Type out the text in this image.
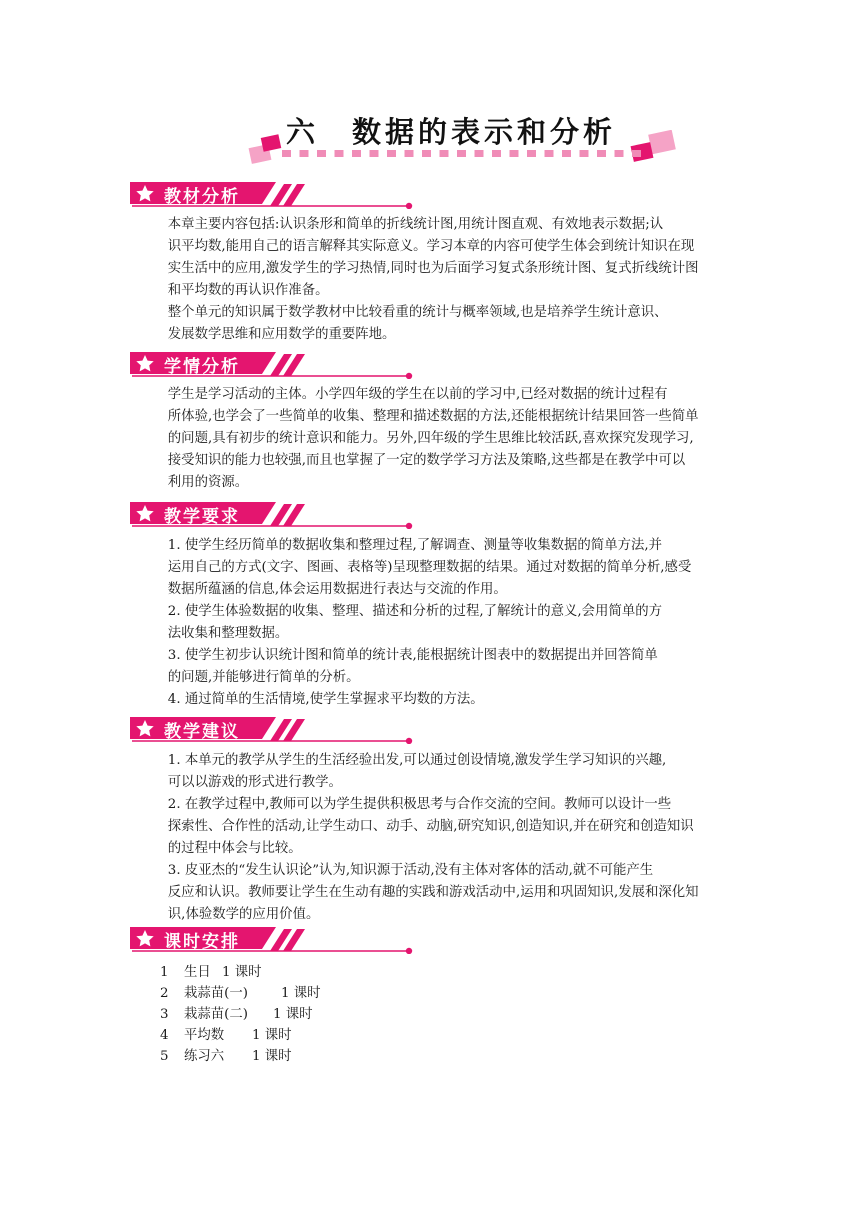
六　数据的表示和分析
教材分析

本章主要内容包括:认识条形和简单的折线统计图,用统计图直观、有效地表示数据;认
识平均数,能用自己的语言解释其实际意义。学习本章的内容可使学生体会到统计知识在现
实生活中的应用,激发学生的学习热情,同时也为后面学习复式条形统计图、复式折线统计图
和平均数的再认识作准备。

整个单元的知识属于数学教材中比较看重的统计与概率领域,也是培养学生统计意识、
发展数学思维和应用数学的重要阵地。

学情分析

学生是学习活动的主体。小学四年级的学生在以前的学习中,已经对数据的统计过程有
所体验,也学会了一些简单的收集、整理和描述数据的方法,还能根据统计结果回答一些简单
的问题,具有初步的统计意识和能力。另外,四年级的学生思维比较活跃,喜欢探究发现学习,
接受知识的能力也较强,而且也掌握了一定的数学学习方法及策略,这些都是在教学中可以
利用的资源。

教学要求

1. 使学生经历简单的数据收集和整理过程,了解调查、测量等收集数据的简单方法,并
运用自己的方式(文字、图画、表格等)呈现整理数据的结果。通过对数据的简单分析,感受
数据所蕴涵的信息,体会运用数据进行表达与交流的作用。

2. 使学生体验数据的收集、整理、描述和分析的过程,了解统计的意义,会用简单的方
法收集和整理数据。

3. 使学生初步认识统计图和简单的统计表,能根据统计图表中的数据提出并回答简单
的问题,并能够进行简单的分析。

4. 通过简单的生活情境,使学生掌握求平均数的方法。

教学建议

1. 本单元的教学从学生的生活经验出发,可以通过创设情境,激发学生学习知识的兴趣,
可以以游戏的形式进行教学。

2. 在教学过程中,教师可以为学生提供积极思考与合作交流的空间。教师可以设计一些
探索性、合作性的活动,让学生动口、动手、动脑,研究知识,创造知识,并在研究和创造知识
的过程中体会与比较。

3. 皮亚杰的“发生认识论”认为,知识源于活动,没有主体对客体的活动,就不可能产生
反应和认识。教师要让学生在生动有趣的实践和游戏活动中,运用和巩固知识,发展和深化知
识,体验数学的应用价值。

课时安排
1 生日 1 课时
2 栽蒜苗(一) 1 课时
3 栽蒜苗(二) 1 课时
4 平均数 1 课时
5 练习六 1 课时
